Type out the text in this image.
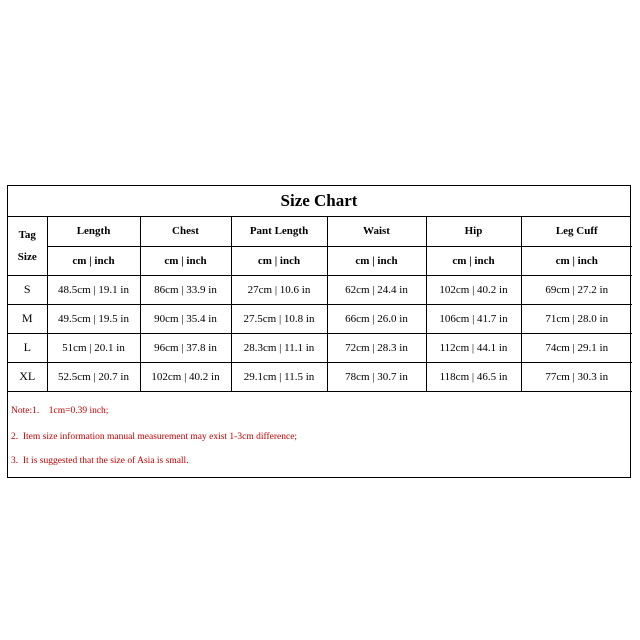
Size Chart
Tag
Size	Length	Chest	Pant Length	Waist	Hip	Leg Cuff
	cm | inch	cm | inch	cm | inch	cm | inch	cm | inch	cm | inch
S	48.5cm | 19.1 in	86cm | 33.9 in	27cm | 10.6 in	62cm | 24.4 in	102cm | 40.2 in	69cm | 27.2 in
M	49.5cm | 19.5 in	90cm | 35.4 in	27.5cm | 10.8 in	66cm | 26.0 in	106cm | 41.7 in	71cm | 28.0 in
L	51cm | 20.1 in	96cm | 37.8 in	28.3cm | 11.1 in	72cm | 28.3 in	112cm | 44.1 in	74cm | 29.1 in
XL	52.5cm | 20.7 in	102cm | 40.2 in	29.1cm | 11.5 in	78cm | 30.7 in	118cm | 46.5 in	77cm | 30.3 in
Note:1.    1cm=0.39 inch;
2.  Item size information manual measurement may exist 1-3cm difference;
3.  It is suggested that the size of Asia is small.
